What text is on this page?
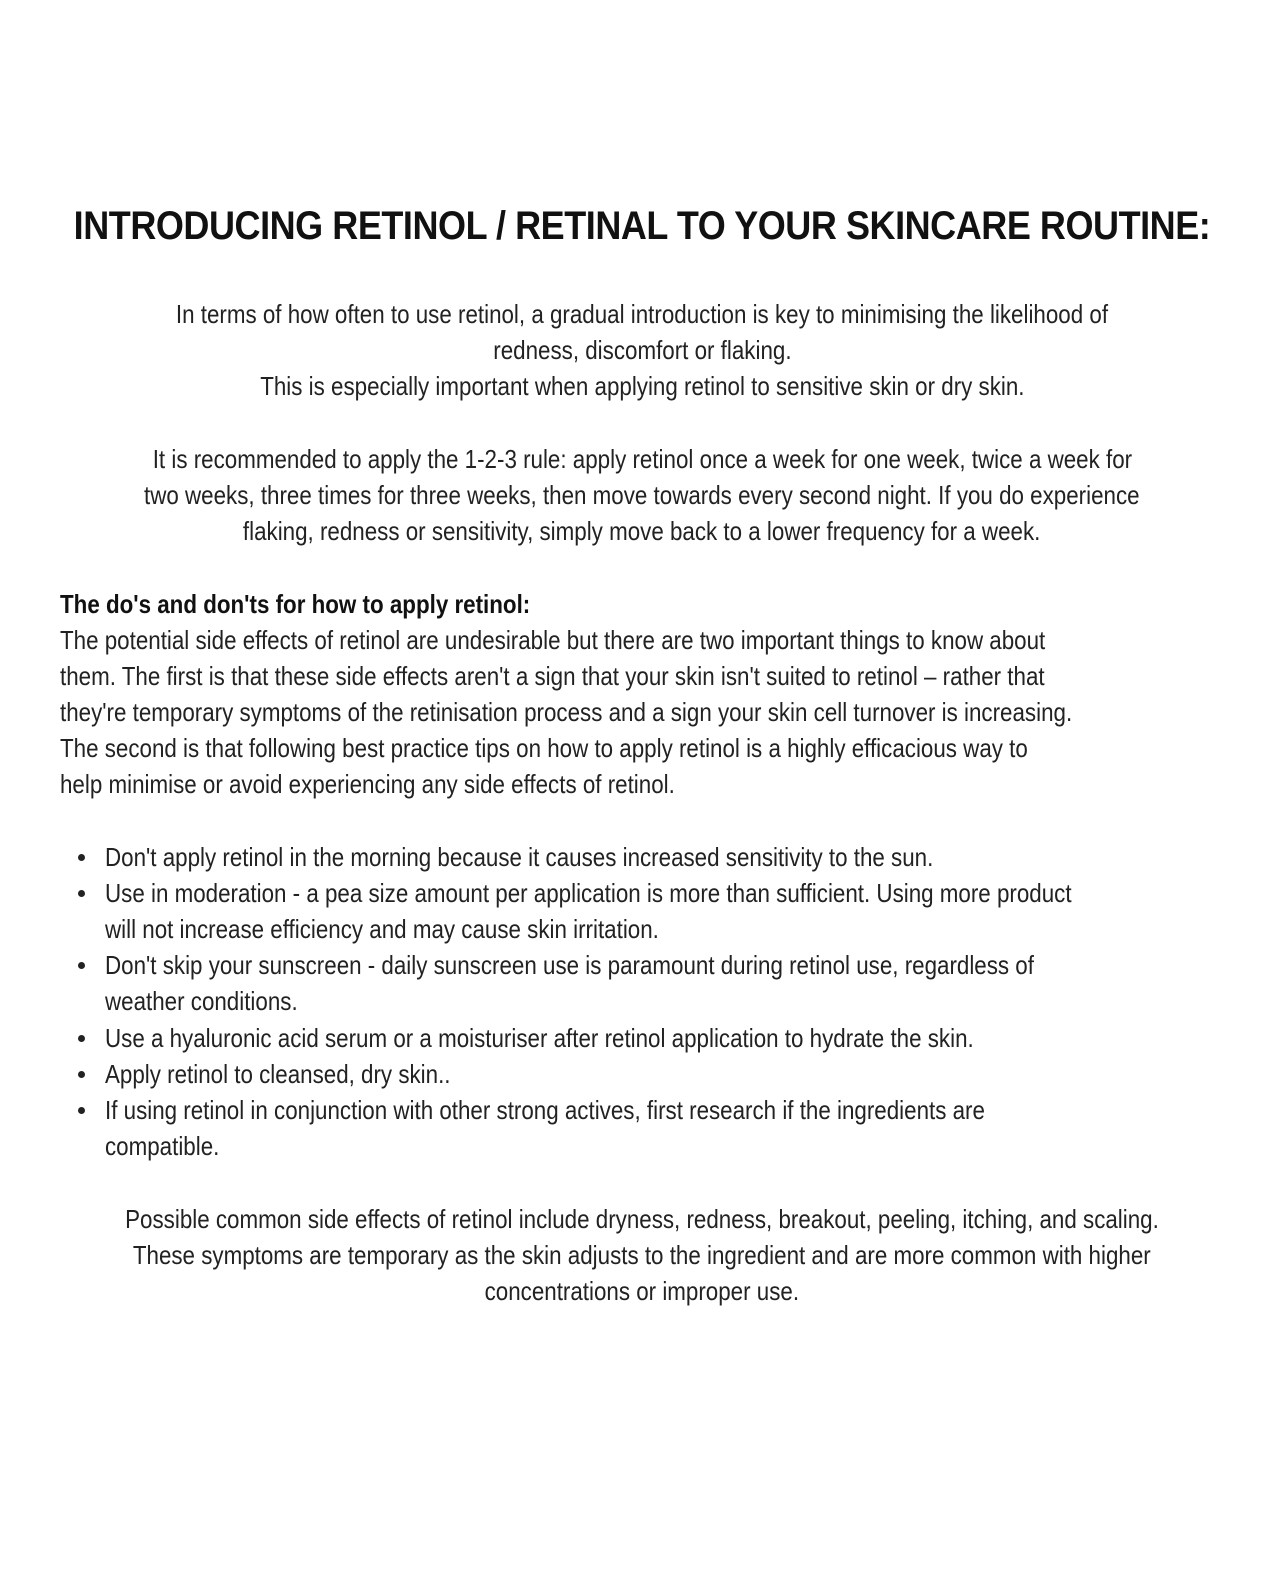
INTRODUCING RETINOL / RETINAL TO YOUR SKINCARE ROUTINE:
In terms of how often to use retinol, a gradual introduction is key to minimising the likelihood of
redness, discomfort or flaking.
This is especially important when applying retinol to sensitive skin or dry skin.
It is recommended to apply the 1-2-3 rule: apply retinol once a week for one week, twice a week for
two weeks, three times for three weeks, then move towards every second night. If you do experience
flaking, redness or sensitivity, simply move back to a lower frequency for a week.
The do's and don'ts for how to apply retinol:
The potential side effects of retinol are undesirable but there are two important things to know about
them. The first is that these side effects aren't a sign that your skin isn't suited to retinol – rather that
they're temporary symptoms of the retinisation process and a sign your skin cell turnover is increasing.
The second is that following best practice tips on how to apply retinol is a highly efficacious way to
help minimise or avoid experiencing any side effects of retinol.
Don't apply retinol in the morning because it causes increased sensitivity to the sun.
Use in moderation - a pea size amount per application is more than sufficient. Using more product
will not increase efficiency and may cause skin irritation.
Don't skip your sunscreen - daily sunscreen use is paramount during retinol use, regardless of
weather conditions.
Use a hyaluronic acid serum or a moisturiser after retinol application to hydrate the skin.
Apply retinol to cleansed, dry skin..
If using retinol in conjunction with other strong actives, first research if the ingredients are
compatible.
Possible common side effects of retinol include dryness, redness, breakout, peeling, itching, and scaling.
These symptoms are temporary as the skin adjusts to the ingredient and are more common with higher
concentrations or improper use.
